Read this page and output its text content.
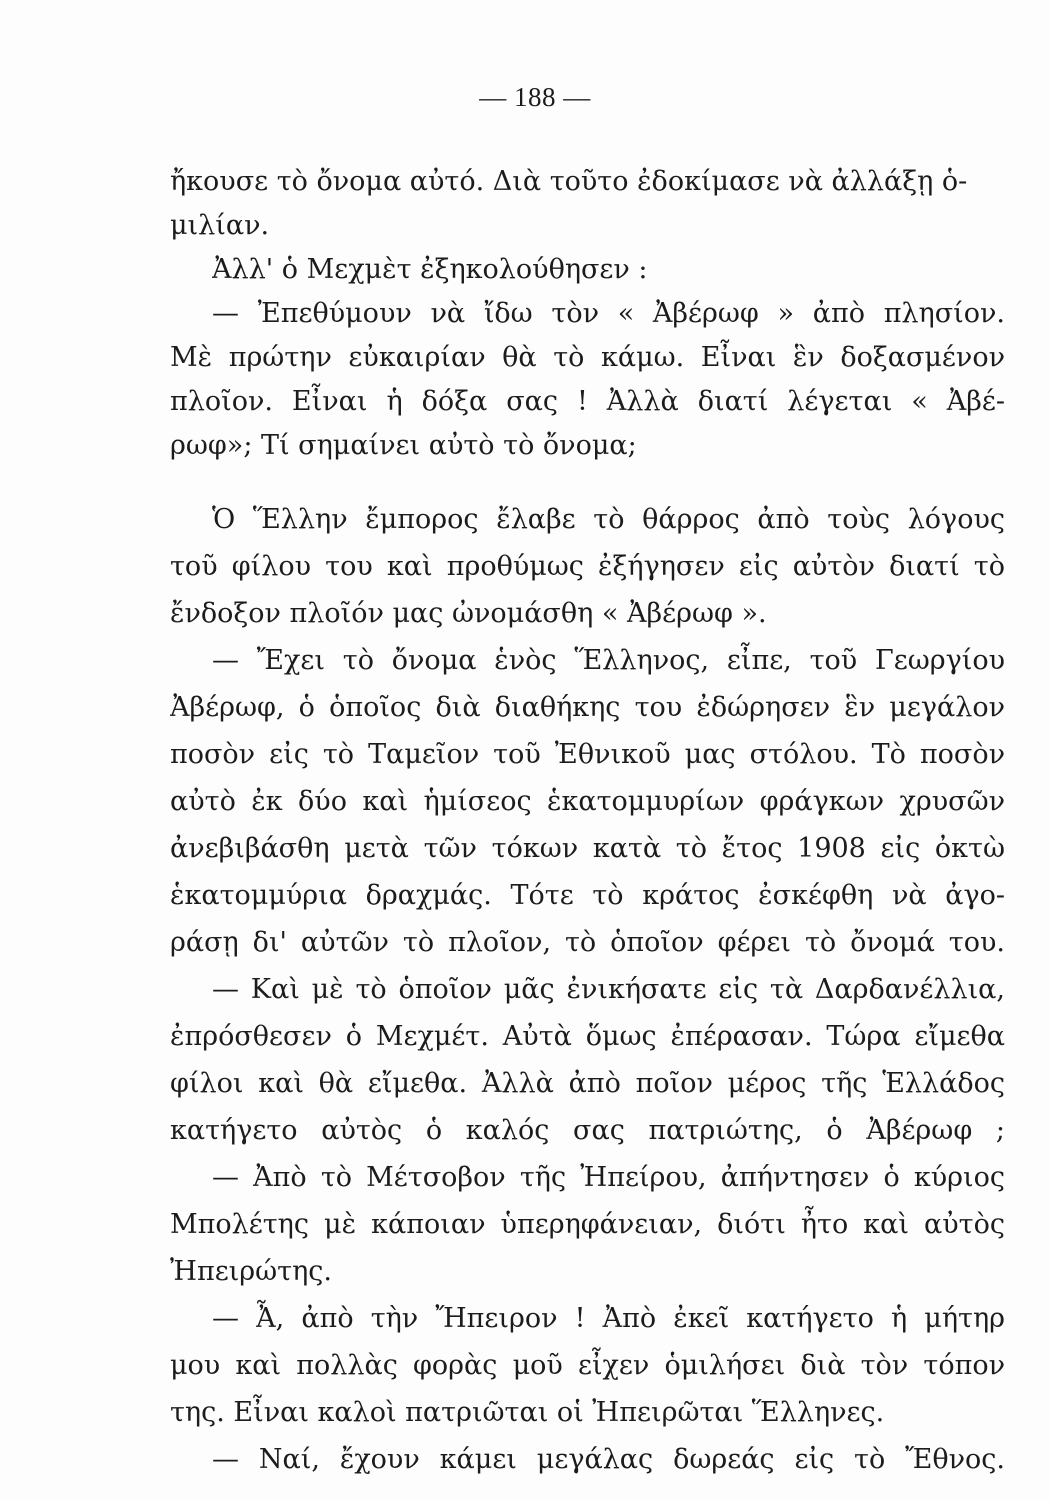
— 188 —
ἤκουσε τὸ ὄνομα αὐτό. Διὰ τοῦτο ἐδοκίμασε νὰ ἀλλάξῃ ὁ-
μιλίαν.
Ἀλλ' ὁ Μεχμὲτ ἐξηκολούθησεν :
— Ἐπεθύμουν νὰ ἴδω τὸν « Ἀβέρωφ » ἀπὸ πλησίον.
Μὲ πρώτην εὐκαιρίαν θὰ τὸ κάμω. Εἶναι ἓν δοξασμένον
πλοῖον. Εἶναι ἡ δόξα σας ! Ἀλλὰ διατί λέγεται « Ἀβέ-
ρωφ»; Τί σημαίνει αὐτὸ τὸ ὄνομα;
Ὁ Ἕλλην ἔμπορος ἔλαβε τὸ θάρρος ἀπὸ τοὺς λόγους
τοῦ φίλου του καὶ προθύμως ἐξήγησεν εἰς αὐτὸν διατί τὸ
ἔνδοξον πλοῖόν μας ὠνομάσθη « Ἀβέρωφ ».
— Ἔχει τὸ ὄνομα ἑνὸς Ἕλληνος, εἶπε, τοῦ Γεωργίου
Ἀβέρωφ, ὁ ὁποῖος διὰ διαθήκης του ἐδώρησεν ἓν μεγάλον
ποσὸν εἰς τὸ Ταμεῖον τοῦ Ἐθνικοῦ μας στόλου. Τὸ ποσὸν
αὐτὸ ἐκ δύο καὶ ἡμίσεος ἑκατομμυρίων φράγκων χρυσῶν
ἀνεβιβάσθη μετὰ τῶν τόκων κατὰ τὸ ἔτος 1908 εἰς ὀκτὼ
ἑκατομμύρια δραχμάς. Τότε τὸ κράτος ἐσκέφθη νὰ ἀγο-
ράσῃ δι' αὐτῶν τὸ πλοῖον, τὸ ὁποῖον φέρει τὸ ὄνομά του.
— Καὶ μὲ τὸ ὁποῖον μᾶς ἐνικήσατε εἰς τὰ Δαρδανέλλια,
ἐπρόσθεσεν ὁ Μεχμέτ. Αὐτὰ ὅμως ἐπέρασαν. Τώρα εἴμεθα
φίλοι καὶ θὰ εἴμεθα. Ἀλλὰ ἀπὸ ποῖον μέρος τῆς Ἑλλάδος
κατήγετο αὐτὸς ὁ καλός σας πατριώτης, ὁ Ἀβέρωφ ;
— Ἀπὸ τὸ Μέτσοβον τῆς Ἠπείρου, ἀπήντησεν ὁ κύριος
Μπολέτης μὲ κάποιαν ὑπερηφάνειαν, διότι ἦτο καὶ αὐτὸς
Ἠπειρώτης.
— Ἆ, ἀπὸ τὴν Ἤπειρον ! Ἀπὸ ἐκεῖ κατήγετο ἡ μήτηρ
μου καὶ πολλὰς φορὰς μοῦ εἶχεν ὁμιλήσει διὰ τὸν τόπον
της. Εἶναι καλοὶ πατριῶται οἱ Ἠπειρῶται Ἕλληνες.
— Ναί, ἔχουν κάμει μεγάλας δωρεάς εἰς τὸ Ἔθνος.
